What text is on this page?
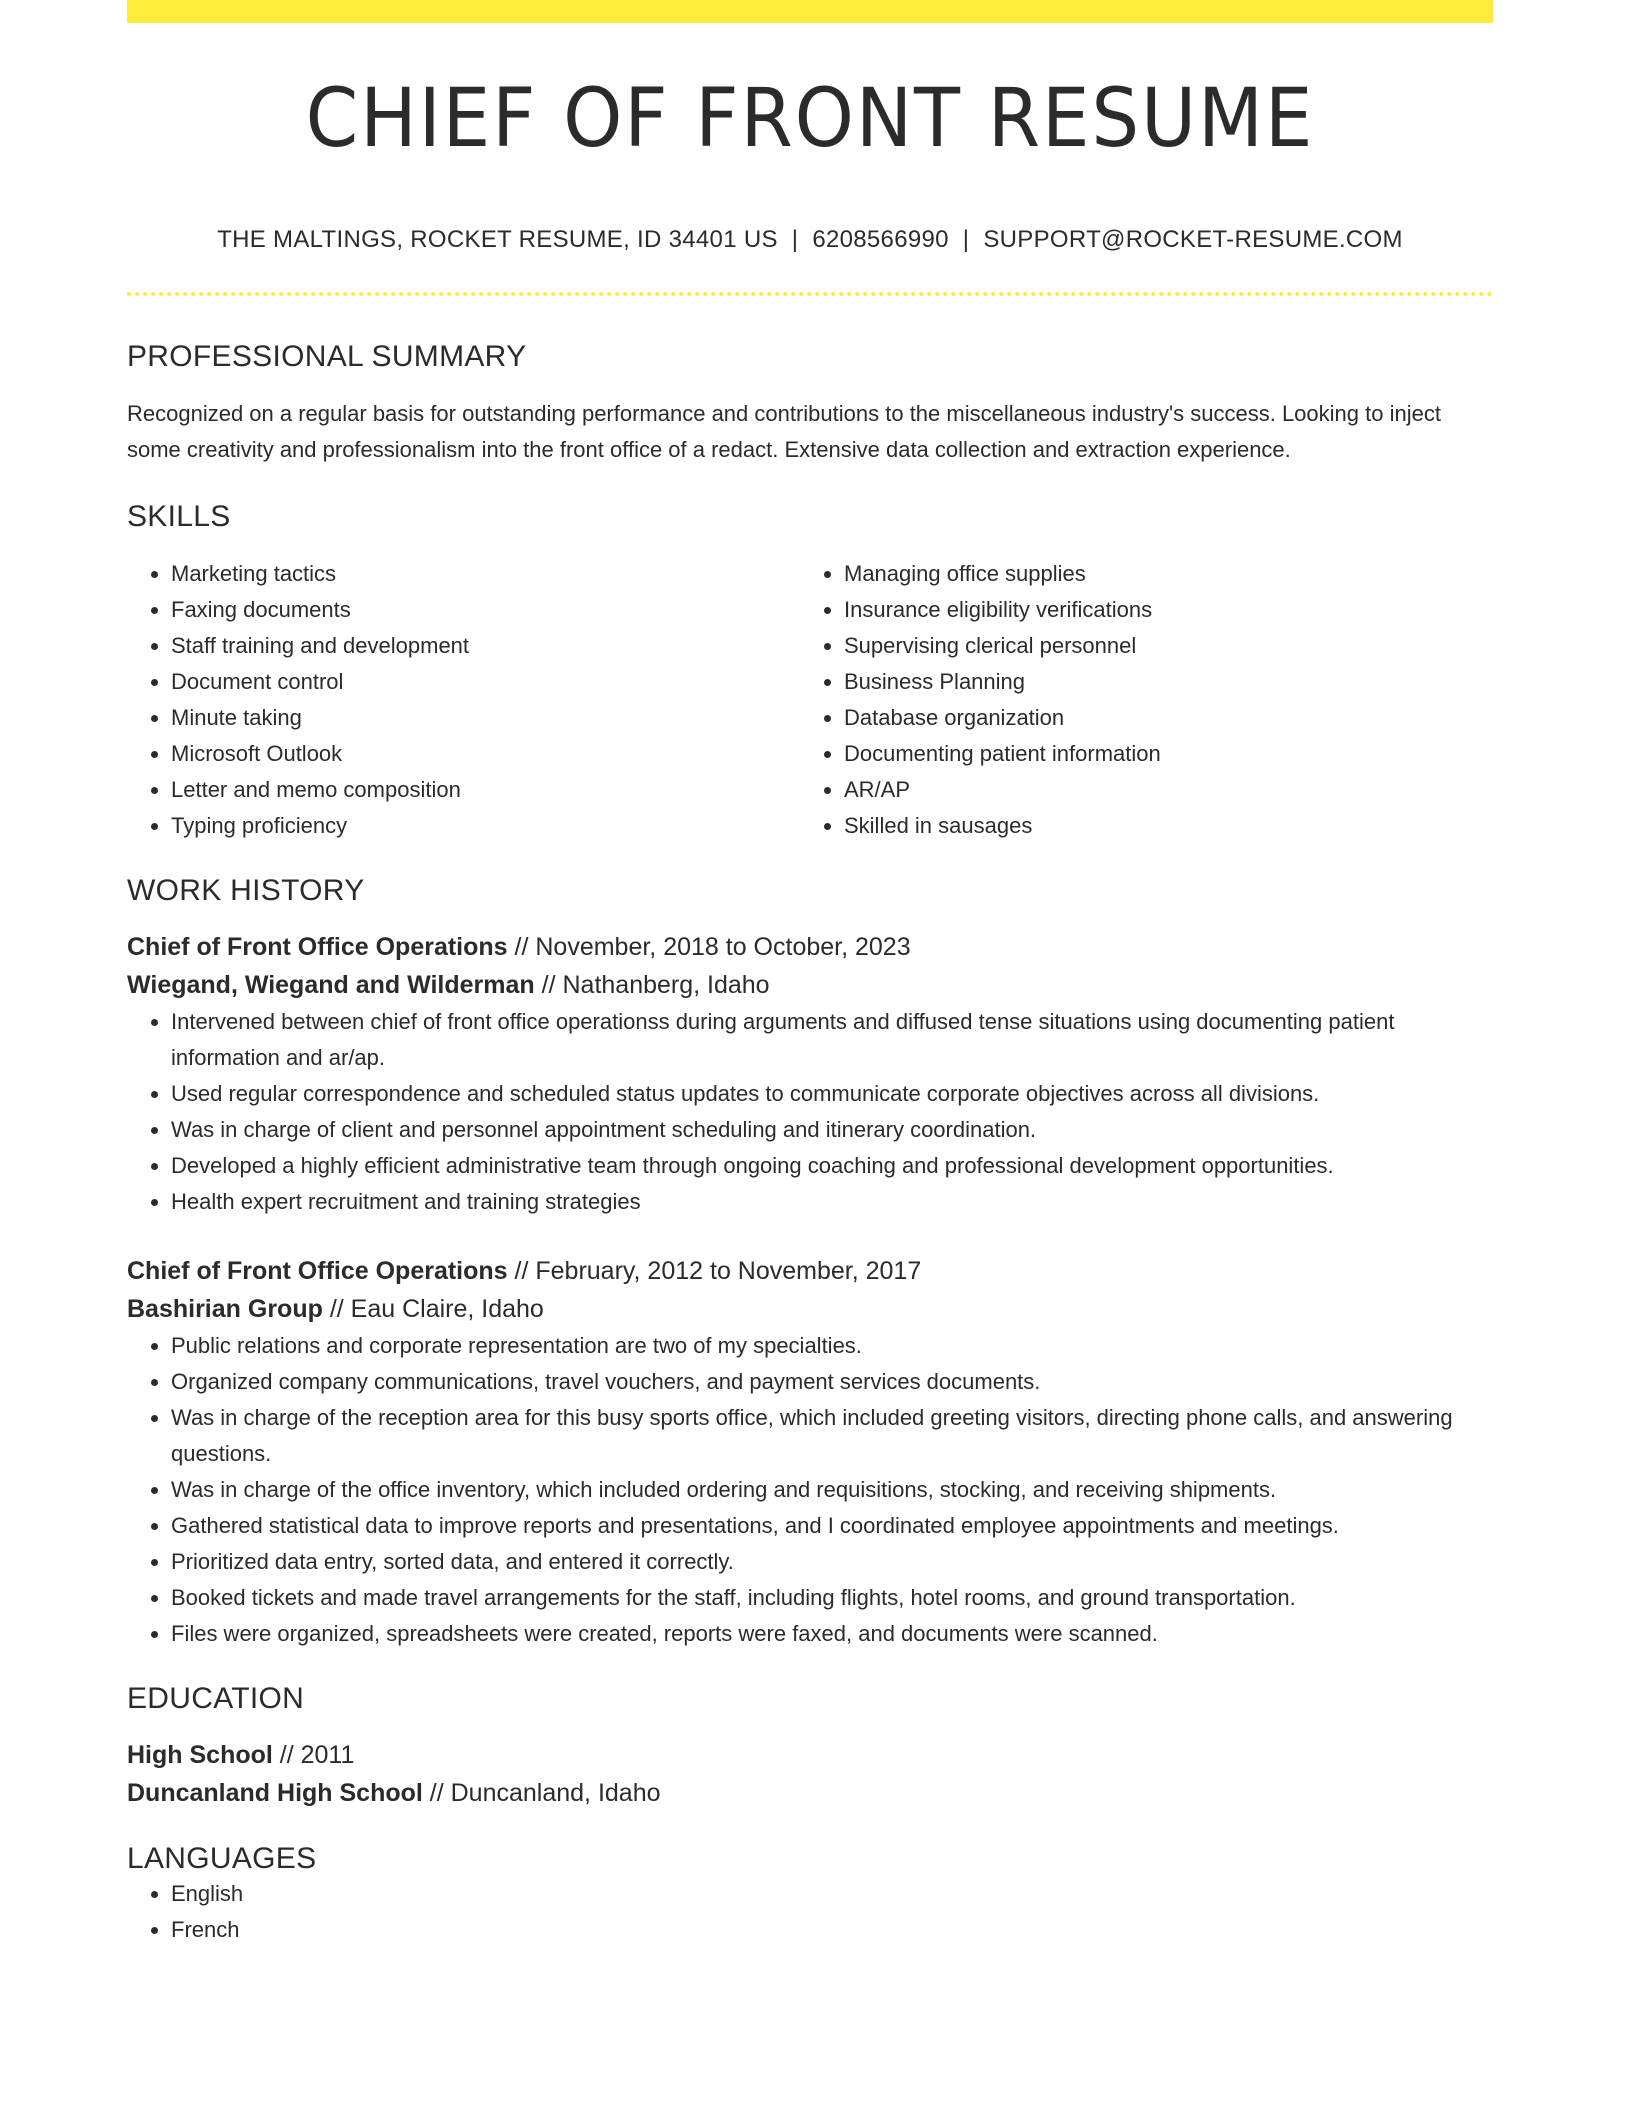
CHIEF OF FRONT RESUME
THE MALTINGS, ROCKET RESUME, ID 34401 US | 6208566990 | SUPPORT@ROCKET-RESUME.COM
PROFESSIONAL SUMMARY
Recognized on a regular basis for outstanding performance and contributions to the miscellaneous industry's success. Looking to inject some creativity and professionalism into the front office of a redact. Extensive data collection and extraction experience.
SKILLS
• Marketing tactics
• Faxing documents
• Staff training and development
• Document control
• Minute taking
• Microsoft Outlook
• Letter and memo composition
• Typing proficiency
• Managing office supplies
• Insurance eligibility verifications
• Supervising clerical personnel
• Business Planning
• Database organization
• Documenting patient information
• AR/AP
• Skilled in sausages
WORK HISTORY
Chief of Front Office Operations // November, 2018 to October, 2023
Wiegand, Wiegand and Wilderman // Nathanberg, Idaho
• Intervened between chief of front office operationss during arguments and diffused tense situations using documenting patient information and ar/ap.
• Used regular correspondence and scheduled status updates to communicate corporate objectives across all divisions.
• Was in charge of client and personnel appointment scheduling and itinerary coordination.
• Developed a highly efficient administrative team through ongoing coaching and professional development opportunities.
• Health expert recruitment and training strategies
Chief of Front Office Operations // February, 2012 to November, 2017
Bashirian Group // Eau Claire, Idaho
• Public relations and corporate representation are two of my specialties.
• Organized company communications, travel vouchers, and payment services documents.
• Was in charge of the reception area for this busy sports office, which included greeting visitors, directing phone calls, and answering questions.
• Was in charge of the office inventory, which included ordering and requisitions, stocking, and receiving shipments.
• Gathered statistical data to improve reports and presentations, and I coordinated employee appointments and meetings.
• Prioritized data entry, sorted data, and entered it correctly.
• Booked tickets and made travel arrangements for the staff, including flights, hotel rooms, and ground transportation.
• Files were organized, spreadsheets were created, reports were faxed, and documents were scanned.
EDUCATION
High School // 2011
Duncanland High School // Duncanland, Idaho
LANGUAGES
• English
• French
